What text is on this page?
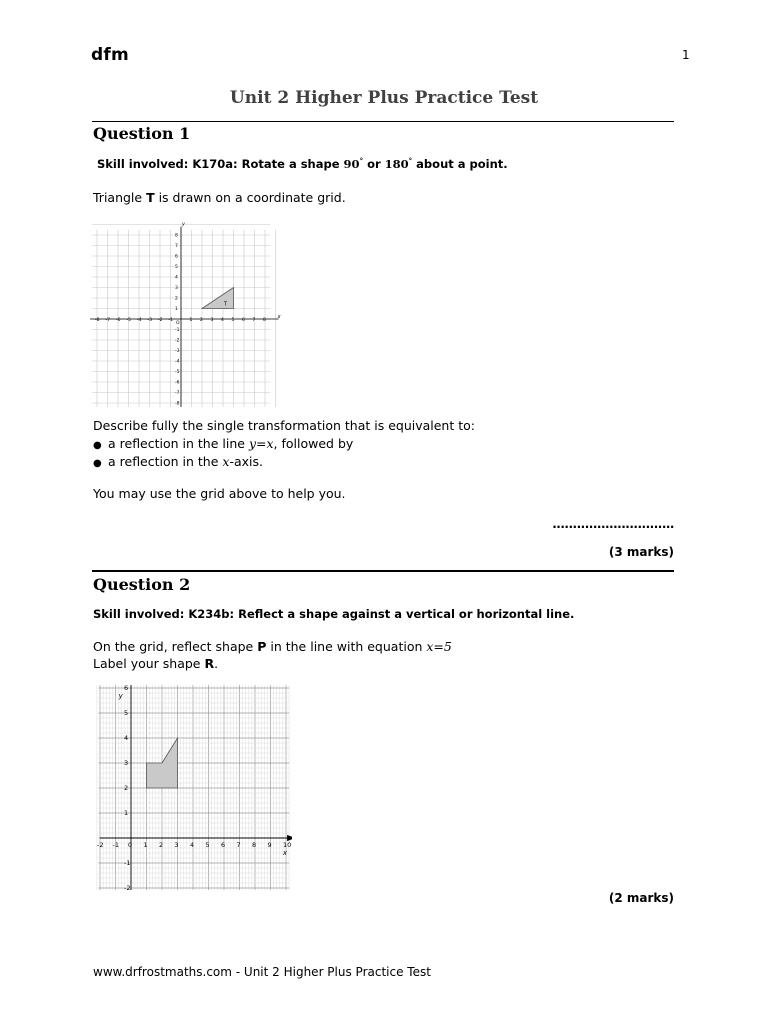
dfm	1
Unit 2 Higher Plus Practice Test
Question 1
Skill involved: K170a: Rotate a shape 90° or 180° about a point.
Triangle T is drawn on a coordinate grid.
-8 -7 -6 -5 -4 -3 -2 -1	1 2 3 4 5 6 7 8
8
7
6
5
4
3
2
1
-1
-2
-3
-4
-5
-6
-7
-8
T
x
y
O
Describe fully the single transformation that is equivalent to:
● a reflection in the line y=x, followed by
● a reflection in the x-axis.
You may use the grid above to help you.
..............................
(3 marks)
Question 2
Skill involved: K234b: Reflect a shape against a vertical or horizontal line.
On the grid, reflect shape P in the line with equation x=5
Label your shape R.
-2 -1 0 1 2 3 4 5 6 7 8 9 10
6
5
4
3
2
1
-1
-2
x
y
(2 marks)
www.drfrostmaths.com - Unit 2 Higher Plus Practice Test
